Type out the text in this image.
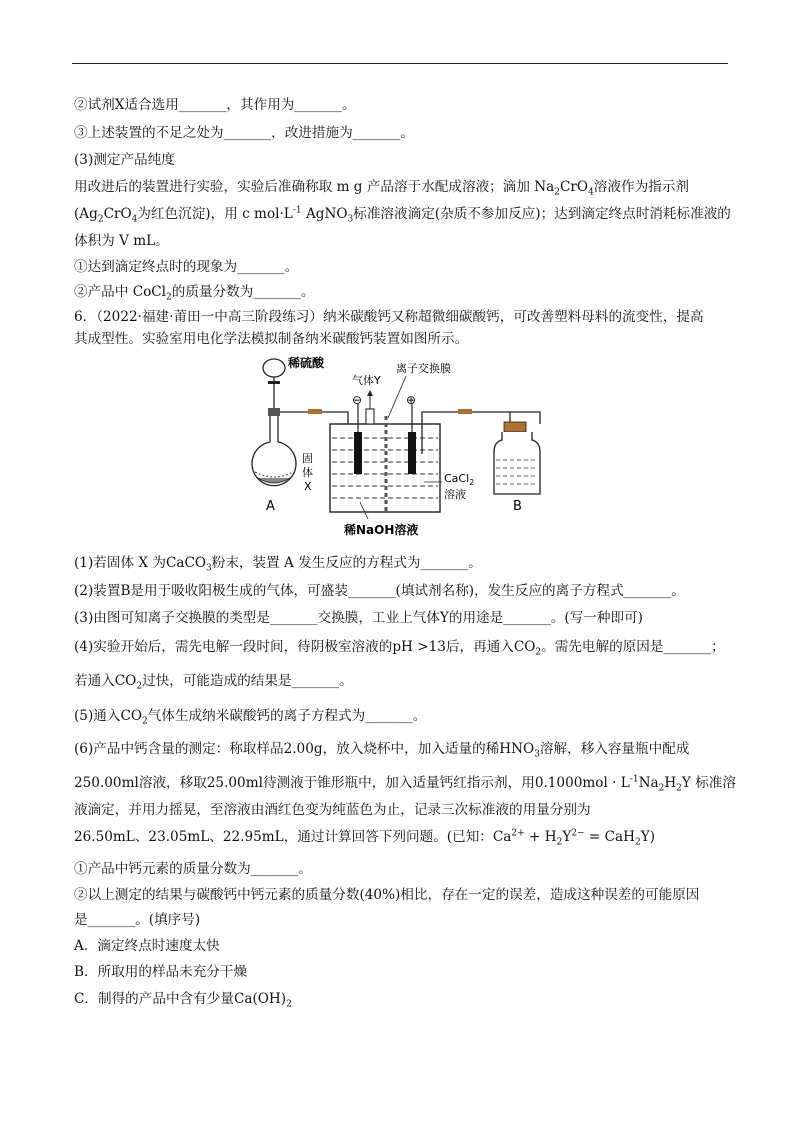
②试剂X适合选用_______，其作用为_______。
③上述装置的不足之处为_______，改进措施为_______。
(3)测定产品纯度
用改进后的装置进行实验，实验后准确称取 m g 产品溶于水配成溶液；滴加 $Na_2CrO_4$溶液作为指示剂
($Ag_2CrO_4$为红色沉淀)，用 c $mol\cdot L^{-1}$ AgNO$_3$标准溶液滴定(杂质不参加反应)；达到滴定终点时消耗标准液的
体积为 V mL。
①达到滴定终点时的现象为_______。
②产品中 CoCl$_2$的质量分数为_______。
6．（2022·福建·莆田一中高三阶段练习）纳米碳酸钙又称超微细碳酸钙，可改善塑料母料的流变性，提高
其成型性。实验室用电化学法模拟制备纳米碳酸钙装置如图所示。
稀硫酸
固
体
X
A
⊖	⊕
气体Y
离子交换膜
CaCl$_2$
溶液
稀NaOH溶液
B
(1)若固体 X 为CaCO$_3$粉末，装置 A 发生反应的方程式为_______。
(2)装置B是用于吸收阳极生成的气体，可盛装_______(填试剂名称)，发生反应的离子方程式_______。
(3)由图可知离子交换膜的类型是_______交换膜，工业上气体Y的用途是_______。(写一种即可)
(4)实验开始后，需先电解一段时间，待阴极室溶液的pH >13后，再通入$CO_2$。需先电解的原因是_______；
若通入$CO_2$过快，可能造成的结果是_______。
(5)通入$CO_2$气体生成纳米碳酸钙的离子方程式为_______。
(6)产品中钙含量的测定：称取样品2.00g，放入烧杯中，加入适量的稀$HNO_3$溶解，移入容量瓶中配成
250.00ml溶液，移取25.00ml待测液于锥形瓶中，加入适量钙红指示剂，用$0.1000mol \cdot L^{-1}Na_2H_2Y$ 标准溶
液滴定，并用力摇晃，至溶液由酒红色变为纯蓝色为止，记录三次标准液的用量分别为
26.50mL、23.05mL、22.95mL，通过计算回答下列问题。(已知：$Ca^{2+} + H_2Y^{2-} = CaH_2Y$)
①产品中钙元素的质量分数为_______。
②以上测定的结果与碳酸钙中钙元素的质量分数(40%)相比，存在一定的误差，造成这种误差的可能原因
是_______。(填序号)
A．滴定终点时速度太快
B．所取用的样品未充分干燥
C．制得的产品中含有少量$Ca(OH)_2$
